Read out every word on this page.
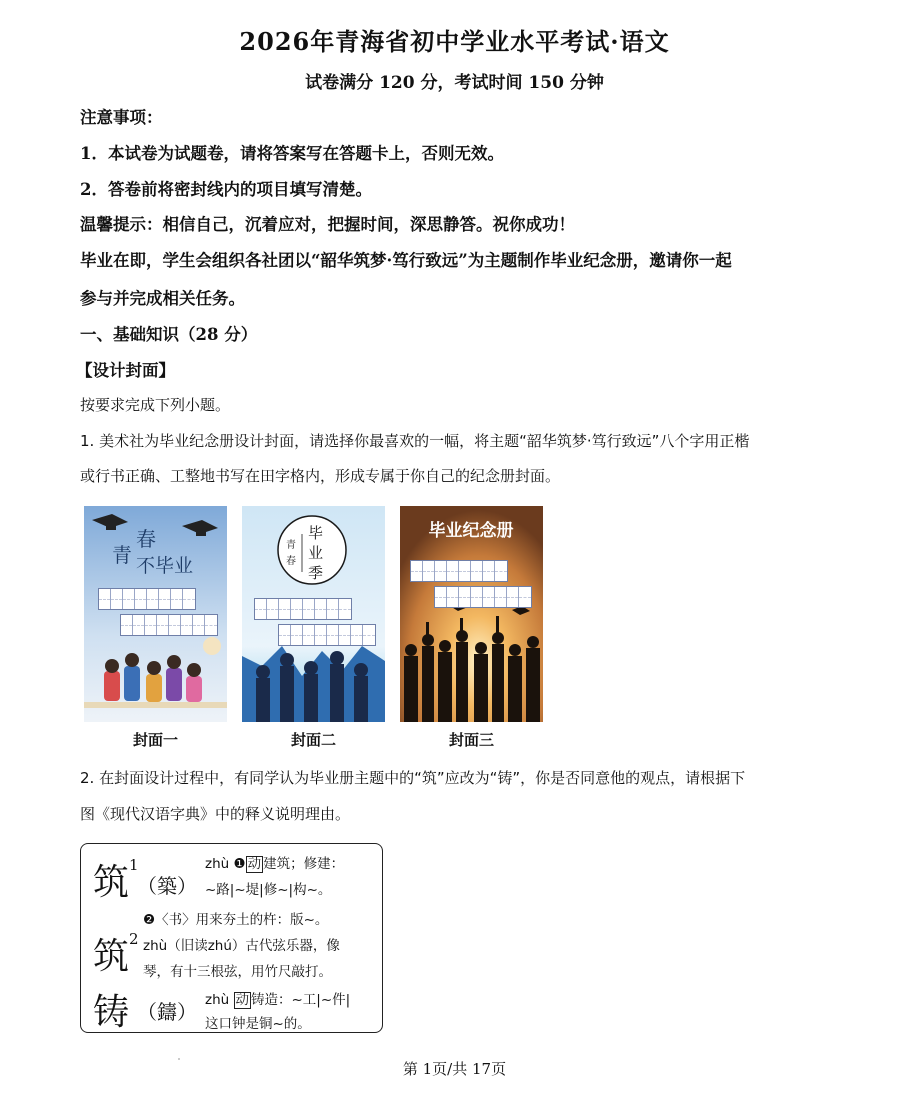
2026年青海省初中学业水平考试·语文
试卷满分 120 分，考试时间 150 分钟
注意事项：
1．本试卷为试题卷，请将答案写在答题卡上，否则无效。
2．答卷前将密封线内的项目填写清楚。
温馨提示：相信自己，沉着应对，把握时间，深思静答。祝你成功！
毕业在即，学生会组织各社团以“韶华筑梦·笃行致远”为主题制作毕业纪念册，邀请你一起
参与并完成相关任务。
一、基础知识（28 分）
【设计封面】
按要求完成下列小题。
1. 美术社为毕业纪念册设计封面，请选择你最喜欢的一幅，将主题“韶华筑梦·笃行致远”八个字用正楷
或行书正确、工整地书写在田字格内，形成专属于你自己的纪念册封面。
青
春
不毕业
青
春
毕
业
季
毕业纪念册
封面一	封面二	封面三
2. 在封面设计过程中，有同学认为毕业册主题中的“筑”应改为“铸”，你是否同意他的观点，请根据下
图《现代汉语字典》中的释义说明理由。
筑 1
（築）
zhù ❶ 动 建筑；修建：
~路|~堤|修~|构~。
❷〈书〉用来夯土的杵：版~。
筑 2 zhù（旧读zhú）古代弦乐器，像
琴，有十三根弦，用竹尺敲打。
铸 （鑄） zhù 动 铸造：~工|~件|
这口钟是铜~的。
第 1页/共 17页
